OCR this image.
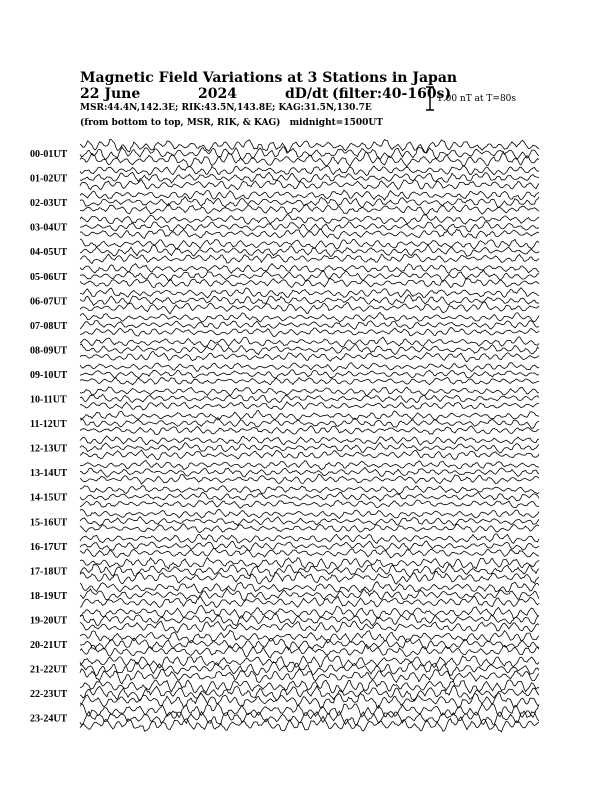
Magnetic Field Variations at 3 Stations in Japan
22 June	2024	dD/dt (filter:40-160s)
MSR:44.4N,142.3E; RIK:43.5N,143.8E; KAG:31.5N,130.7E
(from bottom to top, MSR, RIK, & KAG) midnight=1500UT
1.00 nT at T=80s
00-01UT
01-02UT
02-03UT
03-04UT
04-05UT
05-06UT
06-07UT
07-08UT
08-09UT
09-10UT
10-11UT
11-12UT
12-13UT
13-14UT
14-15UT
15-16UT
16-17UT
17-18UT
18-19UT
19-20UT
20-21UT
21-22UT
22-23UT
23-24UT
